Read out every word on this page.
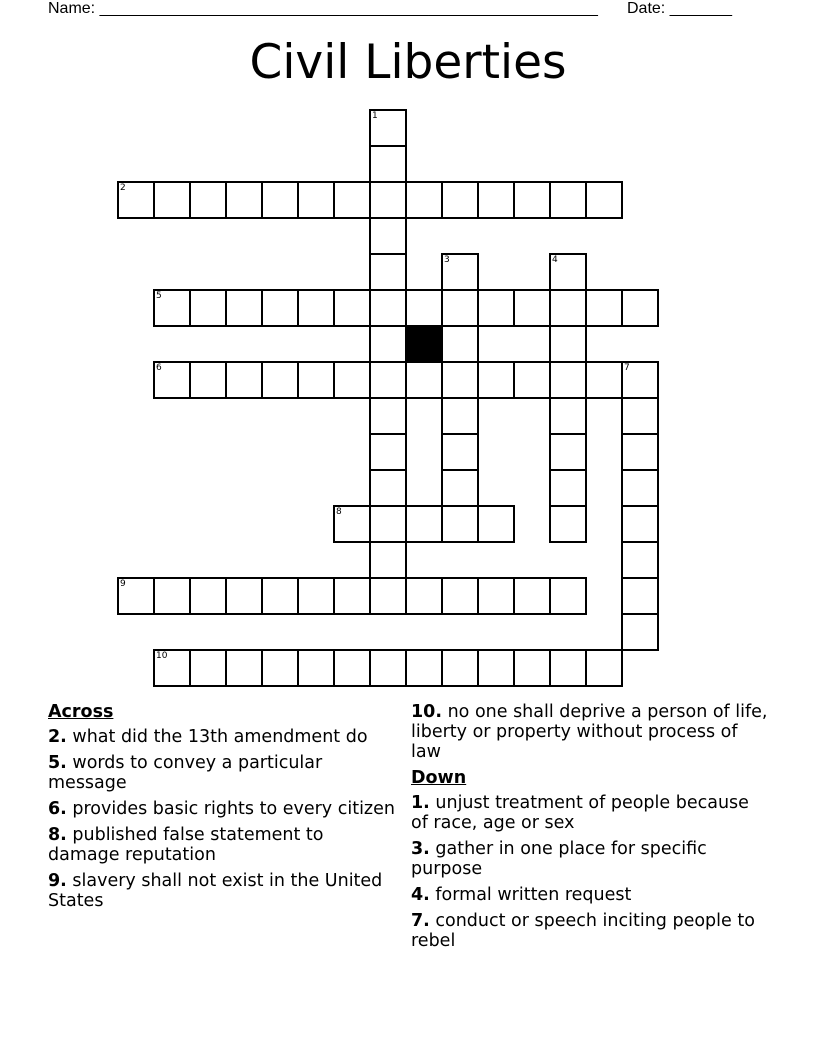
Name: ________________________________________________________ Date: _______
Civil Liberties
1
2
3	4
5
6	7
8
9
10
Across
2. what did the 13th amendment do
5. words to convey a particular message
6. provides basic rights to every citizen
8. published false statement to damage reputation
9. slavery shall not exist in the United States
10. no one shall deprive a person of life, liberty or property without process of law
Down
1. unjust treatment of people because of race, age or sex
3. gather in one place for specific purpose
4. formal written request
7. conduct or speech inciting people to rebel
